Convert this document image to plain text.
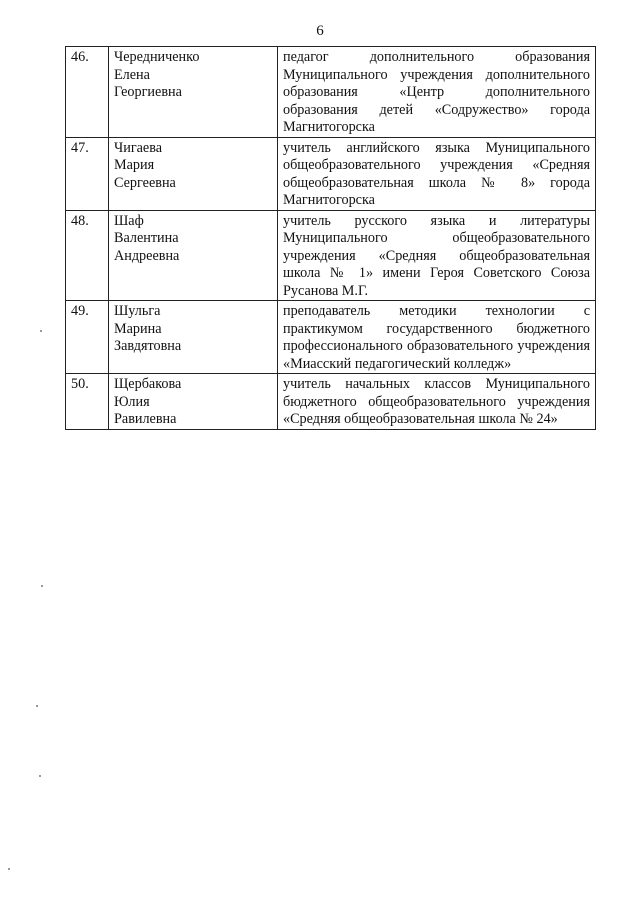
6
46.	Чередниченко
Елена
Георгиевна	педагог дополнительного образования Муниципального учреждения дополнительного образования «Центр дополнительного образования детей «Содружество» города Магнитогорска
47.	Чигаева
Мария
Сергеевна	учитель английского языка Муниципального общеобразовательного учреждения «Средняя общеобразовательная школа № 8» города Магнитогорска
48.	Шаф
Валентина
Андреевна	учитель русского языка и литературы Муниципального общеобразовательного учреждения «Средняя общеобразовательная школа № 1» имени Героя Советского Союза Русанова М.Г.
49.	Шульга
Марина
Завдятовна	преподаватель методики технологии с практикумом государственного бюджетного профессионального образовательного учреждения «Миасский педагогический колледж»
50.	Щербакова
Юлия
Равилевна	учитель начальных классов Муниципального бюджетного общеобразовательного учреждения «Средняя общеобразовательная школа № 24»
